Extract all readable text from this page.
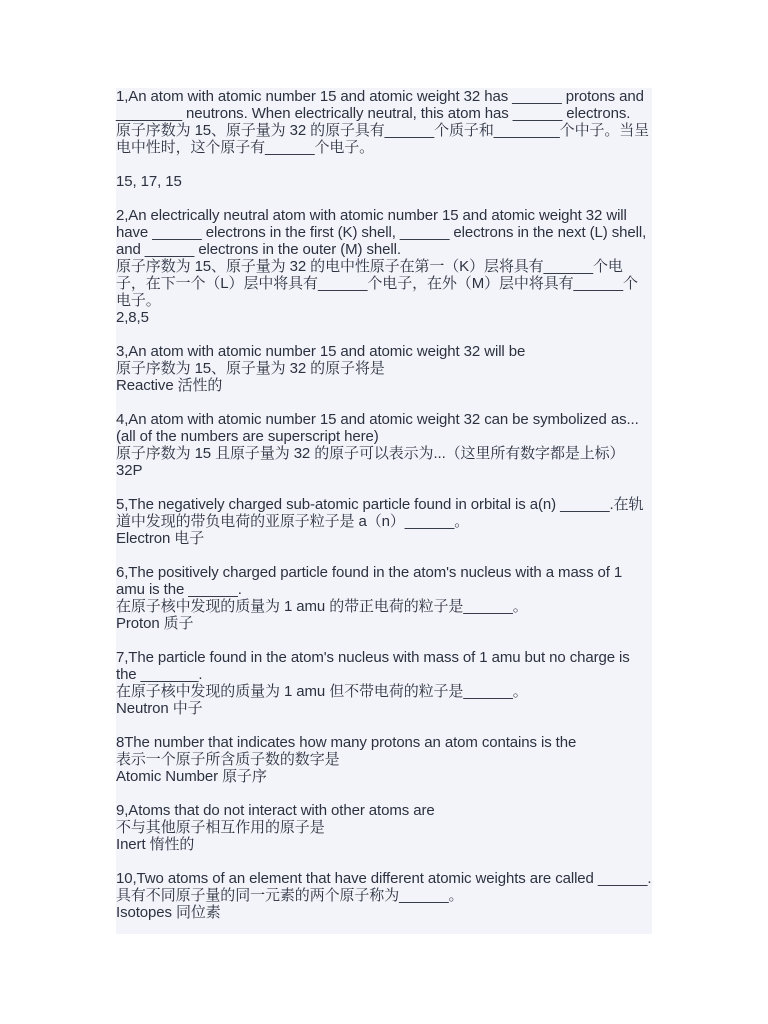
1,An atom with atomic number 15 and atomic weight 32 has ______ protons and ________ neutrons. When electrically neutral, this atom has ______ electrons.
原子序数为 15、原子量为 32 的原子具有______个质子和________个中子。当呈电中性时，这个原子有______个电子。
15, 17, 15
2,An electrically neutral atom with atomic number 15 and atomic weight 32 will have ______ electrons in the first (K) shell, ______ electrons in the next (L) shell, and ______ electrons in the outer (M) shell.
原子序数为 15、原子量为 32 的电中性原子在第一（K）层将具有______个电子，在下一个（L）层中将具有______个电子，在外（M）层中将具有______个电子。
2,8,5
3,An atom with atomic number 15 and atomic weight 32 will be
原子序数为 15、原子量为 32 的原子将是
Reactive 活性的
4,An atom with atomic number 15 and atomic weight 32 can be symbolized as... (all of the numbers are superscript here)
原子序数为 15 且原子量为 32 的原子可以表示为...（这里所有数字都是上标）
32P
5,The negatively charged sub-atomic particle found in orbital is a(n) ______.在轨道中发现的带负电荷的亚原子粒子是 a（n）______。
Electron 电子
6,The positively charged particle found in the atom's nucleus with a mass of 1 amu is the ______.
在原子核中发现的质量为 1 amu 的带正电荷的粒子是______。
Proton 质子
7,The particle found in the atom's nucleus with mass of 1 amu but no charge is the _______.
在原子核中发现的质量为 1 amu 但不带电荷的粒子是______。
Neutron 中子
8The number that indicates how many protons an atom contains is the
表示一个原子所含质子数的数字是
Atomic Number 原子序
9,Atoms that do not interact with other atoms are
不与其他原子相互作用的原子是
Inert 惰性的
10,Two atoms of an element that have different atomic weights are called ______.具有不同原子量的同一元素的两个原子称为______。
Isotopes 同位素
